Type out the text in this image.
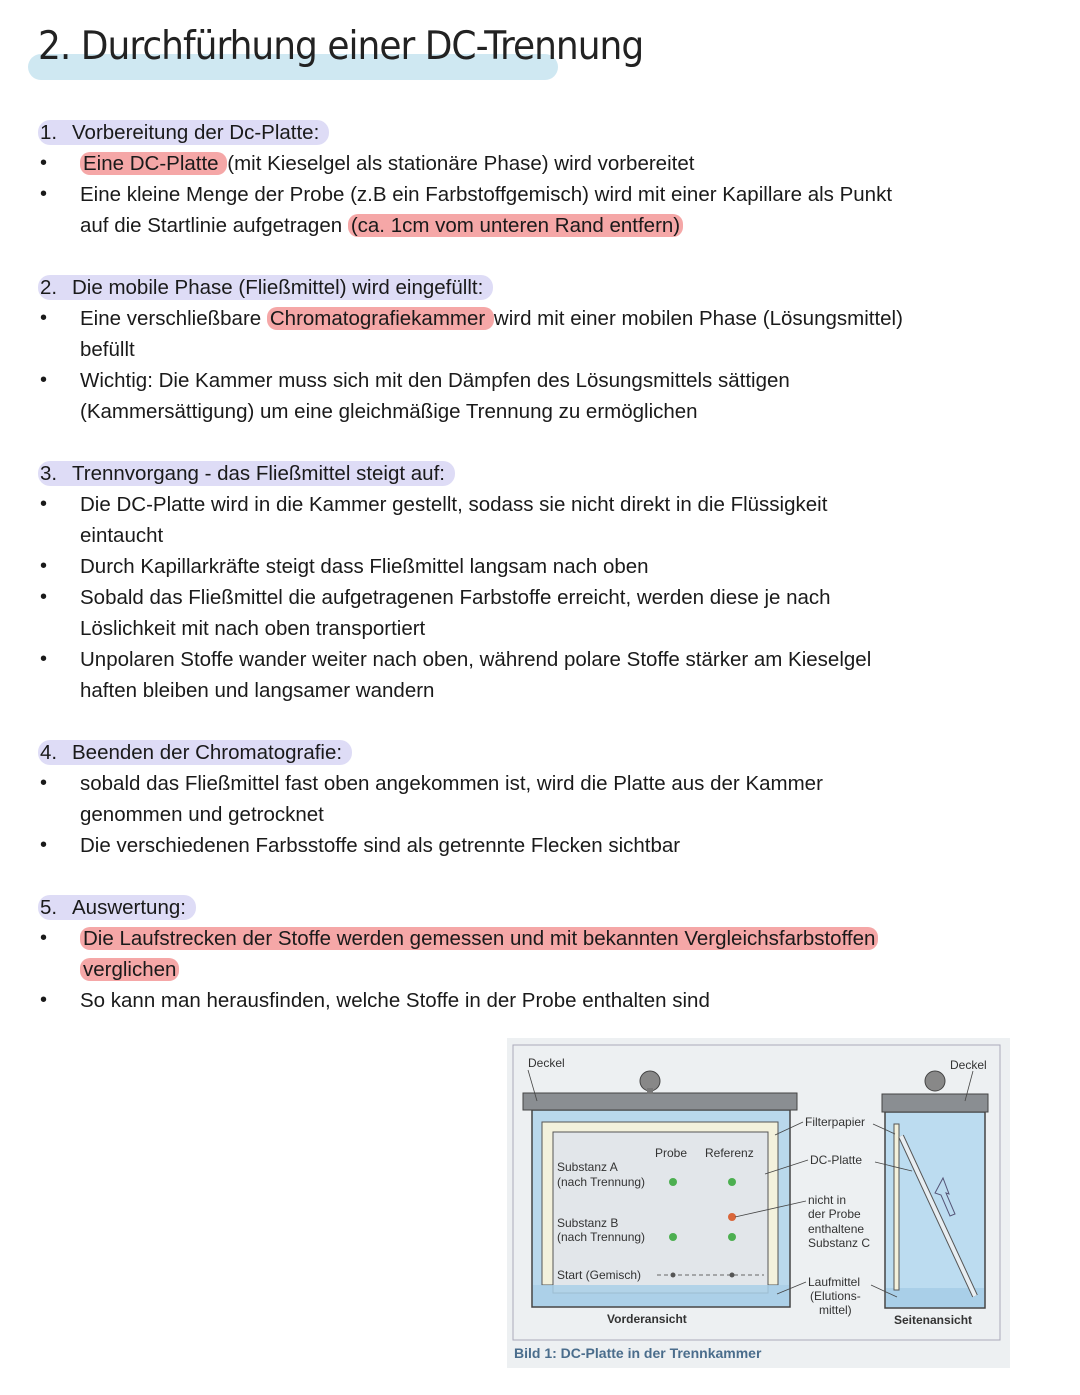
2. Durchfürhung einer DC-Trennung
Vorbereitung der Dc-Platte:
1.
• Eine DC-Platte (mit Kieselgel als stationäre Phase) wird vorbereitet
• Eine kleine Menge der Probe (z.B ein Farbstoffgemisch) wird mit einer Kapillare als Punkt
auf die Startlinie aufgetragen (ca. 1cm vom unteren Rand entfern)
Die mobile Phase (Fließmittel) wird eingefüllt:
2.
• Eine verschließbare Chromatografiekammer wird mit einer mobilen Phase (Lösungsmittel)
befüllt
• Wichtig: Die Kammer muss sich mit den Dämpfen des Lösungsmittels sättigen
(Kammersättigung) um eine gleichmäßige Trennung zu ermöglichen
Trennvorgang - das Fließmittel steigt auf:
3.
• Die DC-Platte wird in die Kammer gestellt, sodass sie nicht direkt in die Flüssigkeit
eintaucht
• Durch Kapillarkräfte steigt dass Fließmittel langsam nach oben
• Sobald das Fließmittel die aufgetragenen Farbstoffe erreicht, werden diese je nach
Löslichkeit mit nach oben transportiert
• Unpolaren Stoffe wander weiter nach oben, während polare Stoffe stärker am Kieselgel
haften bleiben und langsamer wandern
Beenden der Chromatografie:
4.
• sobald das Fließmittel fast oben angekommen ist, wird die Platte aus der Kammer
genommen und getrocknet
• Die verschiedenen Farbsstoffe sind als getrennte Flecken sichtbar
Auswertung:
5.
• Die Laufstrecken der Stoffe werden gemessen und mit bekannten Vergleichsfarbstoffen
verglichen
• So kann man herausfinden, welche Stoffe in der Probe enthalten sind
Deckel	Deckel
Probe Referenz
Substanz A
(nach Trennung)
Substanz B
(nach Trennung)
Start (Gemisch)
Filterpapier
DC-Platte
nicht in
der Probe
enthaltene
Substanz C
Laufmittel
(Elutions-
mittel)
Vorderansicht	Seitenansicht
Bild 1: DC-Platte in der Trennkammer
